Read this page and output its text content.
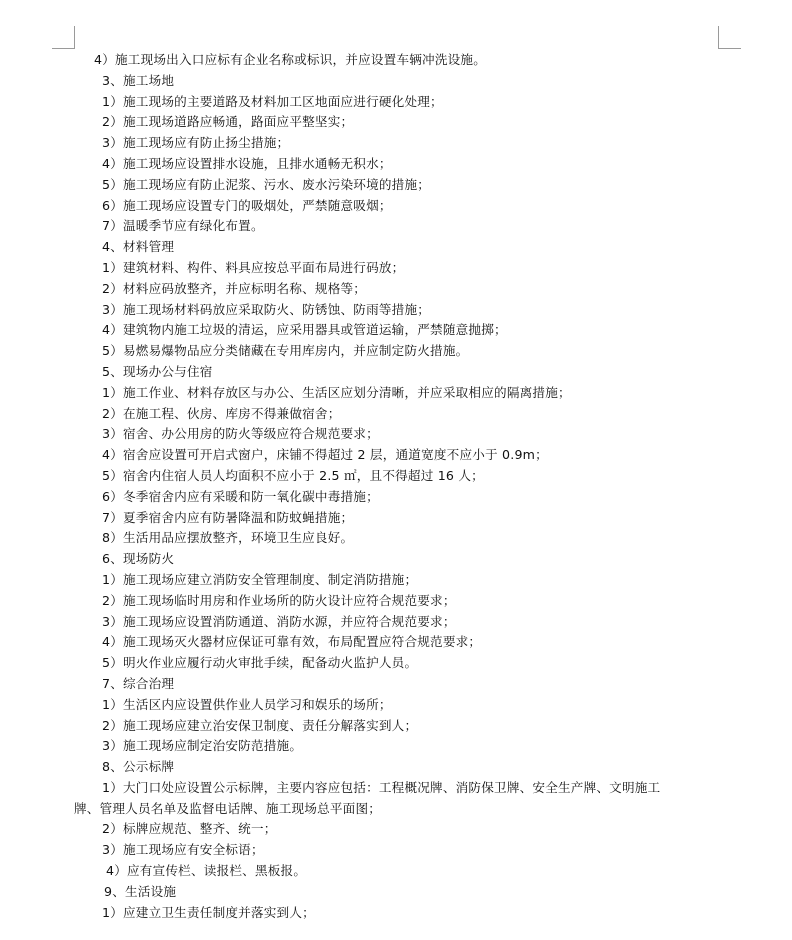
4）施工现场出入口应标有企业名称或标识，并应设置车辆冲洗设施。
3、施工场地
1）施工现场的主要道路及材料加工区地面应进行硬化处理；
2）施工现场道路应畅通，路面应平整坚实；
3）施工现场应有防止扬尘措施；
4）施工现场应设置排水设施，且排水通畅无积水；
5）施工现场应有防止泥浆、污水、废水污染环境的措施；
6）施工现场应设置专门的吸烟处，严禁随意吸烟；
7）温暖季节应有绿化布置。
4、材料管理
1）建筑材料、构件、料具应按总平面布局进行码放；
2）材料应码放整齐，并应标明名称、规格等；
3）施工现场材料码放应采取防火、防锈蚀、防雨等措施；
4）建筑物内施工垃圾的清运，应采用器具或管道运输，严禁随意抛掷；
5）易燃易爆物品应分类储藏在专用库房内，并应制定防火措施。
5、现场办公与住宿
1）施工作业、材料存放区与办公、生活区应划分清晰，并应采取相应的隔离措施；
2）在施工程、伙房、库房不得兼做宿舍；
3）宿舍、办公用房的防火等级应符合规范要求；
4）宿舍应设置可开启式窗户，床铺不得超过 2 层，通道宽度不应小于 0.9m；
5）宿舍内住宿人员人均面积不应小于 2.5 ㎡，且不得超过 16 人；
6）冬季宿舍内应有采暖和防一氧化碳中毒措施；
7）夏季宿舍内应有防暑降温和防蚊蝇措施；
8）生活用品应摆放整齐，环境卫生应良好。
6、现场防火
1）施工现场应建立消防安全管理制度、制定消防措施；
2）施工现场临时用房和作业场所的防火设计应符合规范要求；
3）施工现场应设置消防通道、消防水源，并应符合规范要求；
4）施工现场灭火器材应保证可靠有效，布局配置应符合规范要求；
5）明火作业应履行动火审批手续，配备动火监护人员。
7、综合治理
1）生活区内应设置供作业人员学习和娱乐的场所；
2）施工现场应建立治安保卫制度、责任分解落实到人；
3）施工现场应制定治安防范措施。
8、公示标牌
1）大门口处应设置公示标牌，主要内容应包括：工程概况牌、消防保卫牌、安全生产牌、文明施工
牌、管理人员名单及监督电话牌、施工现场总平面图；
2）标牌应规范、整齐、统一；
3）施工现场应有安全标语；
4）应有宣传栏、读报栏、黑板报。
9、生活设施
1）应建立卫生责任制度并落实到人；
